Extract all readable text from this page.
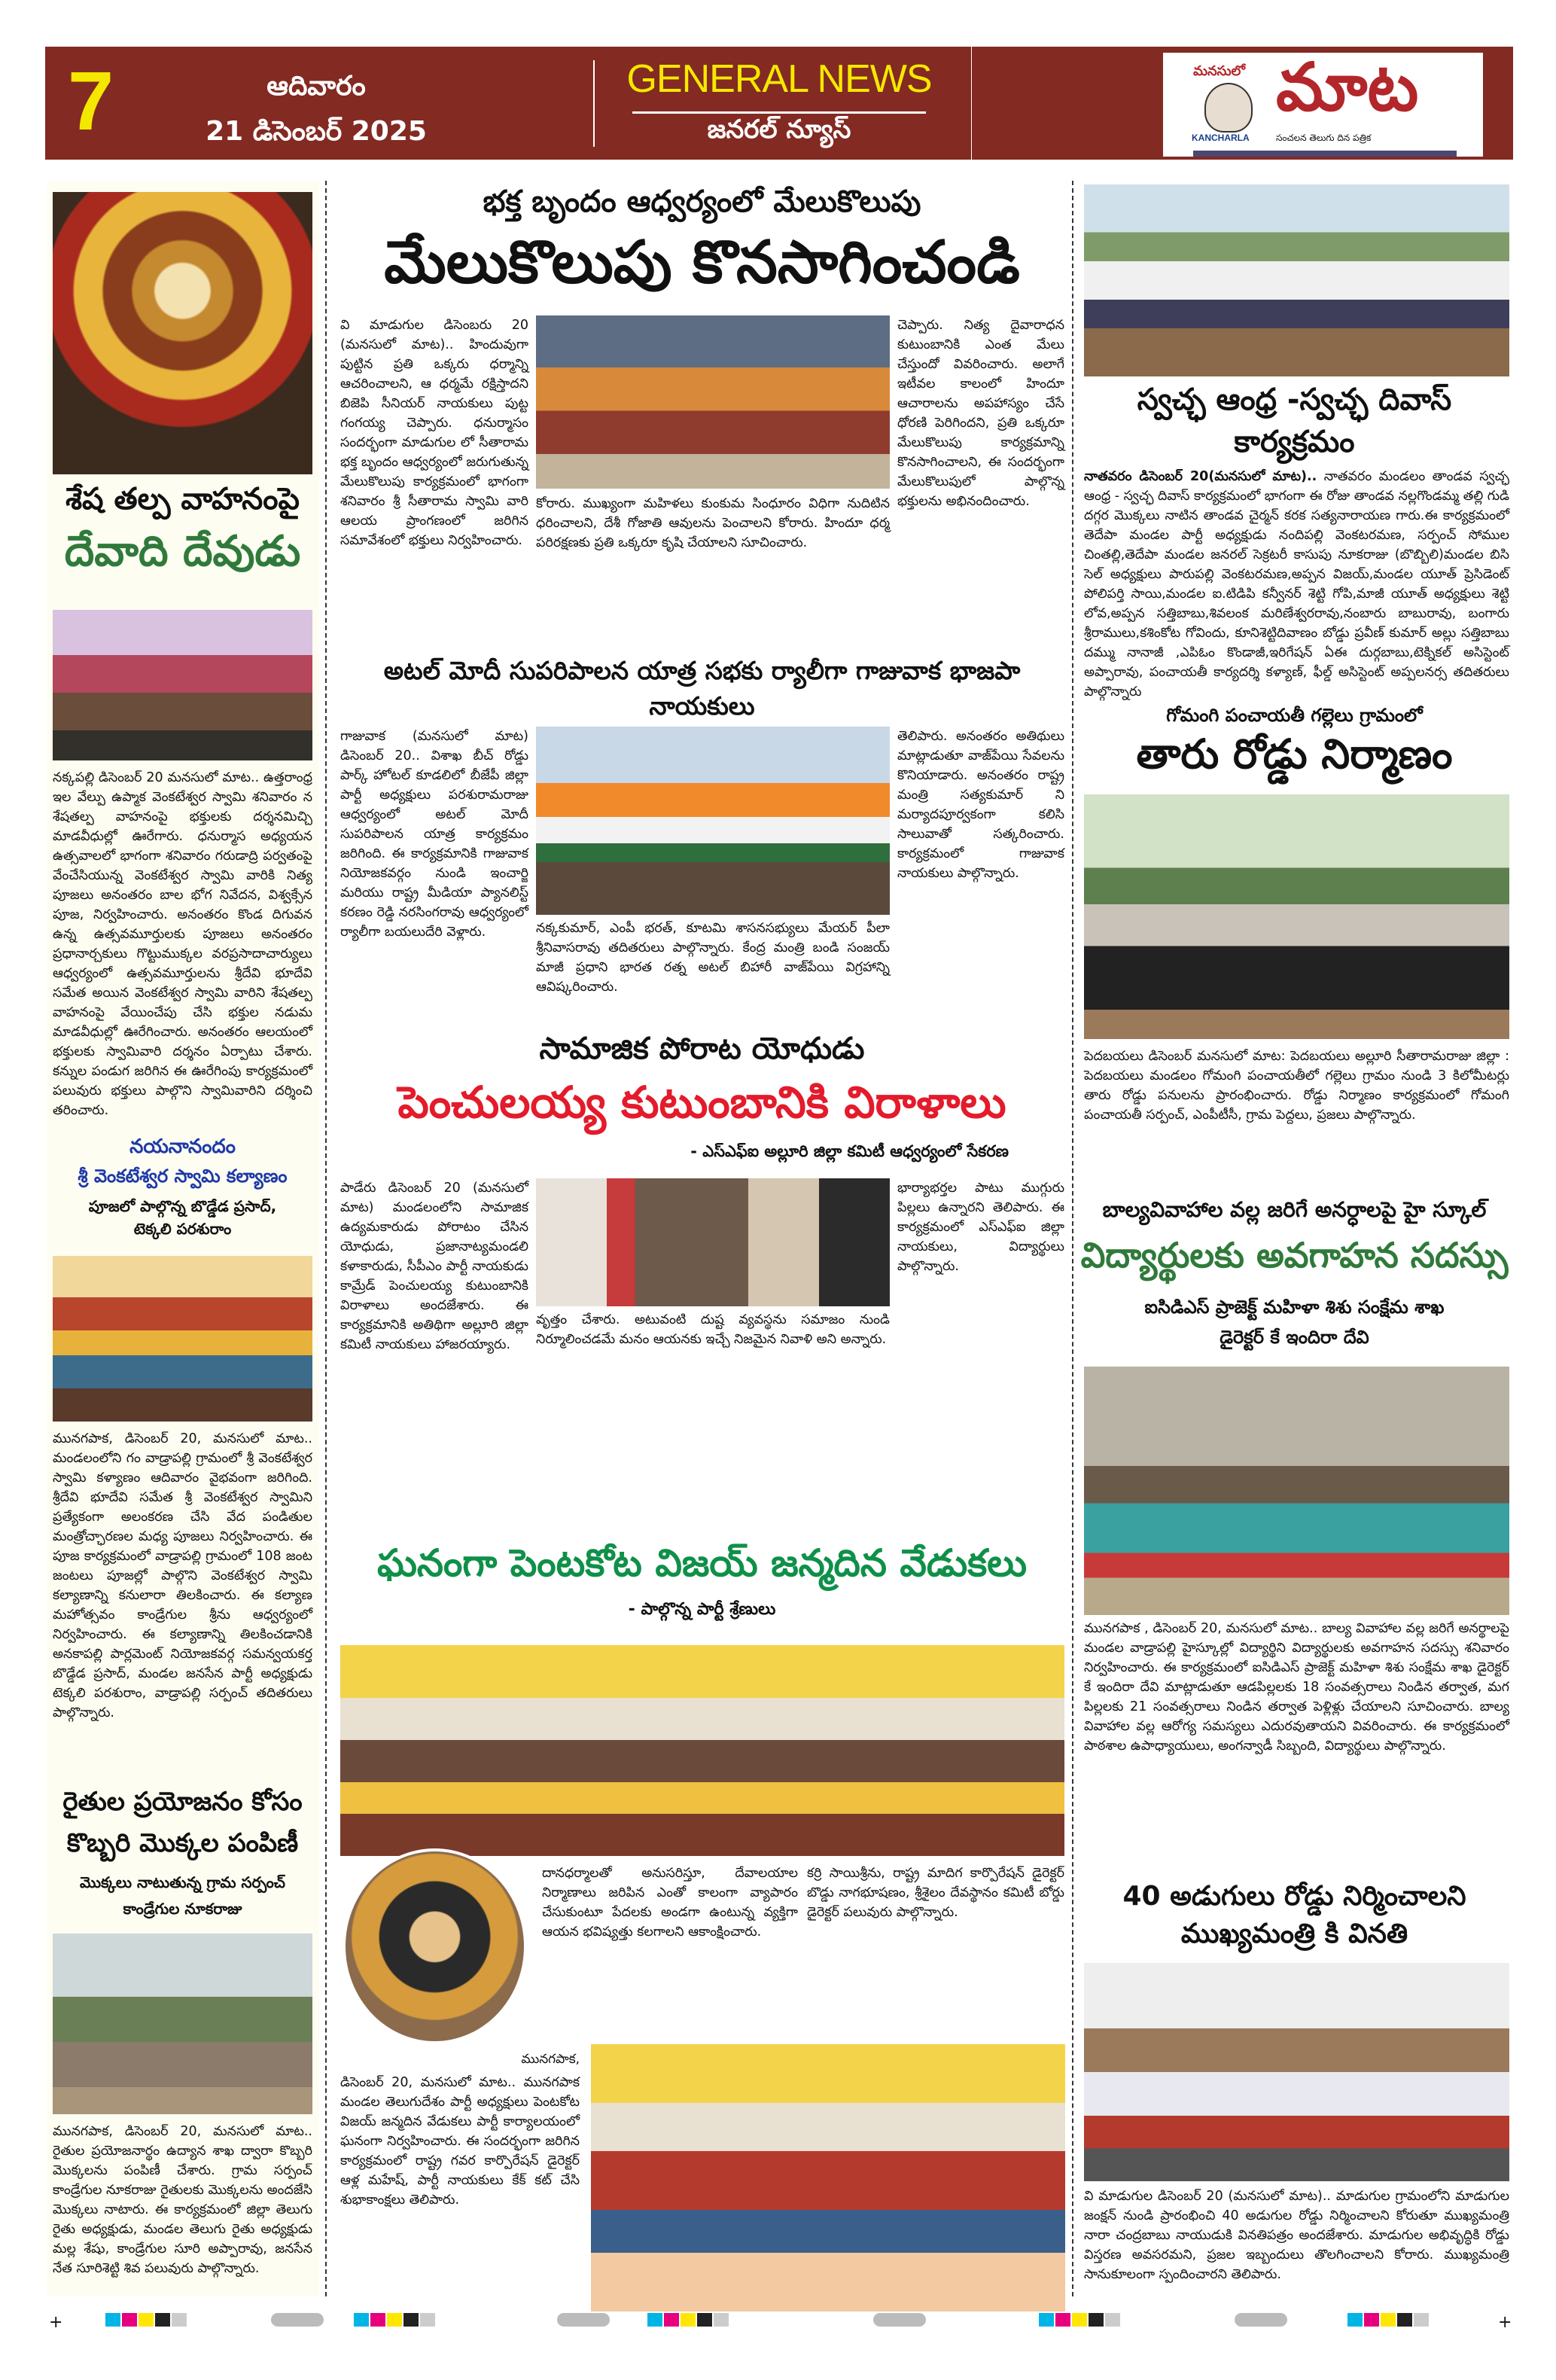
7	ఆదివారం
21 డిసెంబర్ 2025
GENERAL NEWS
జనరల్ న్యూస్
మనసులో మాట
KANCHARLA	సంచలన తెలుగు దిన పత్రిక
శేష తల్ప వాహనంపై
దేవాది దేవుడు
నక్కపల్లి డిసెంబర్ 20 మనసులో మాట.. ఉత్తరాంధ్ర ఇల వేల్పు ఉప్మాక వెంకటేశ్వర స్వామి శనివారం న శేషతల్ప వాహనంపై భక్తులకు దర్శనమిచ్చి మాడవీధుల్లో ఊరేగారు. ధనుర్మాస అధ్యయన ఉత్సవాలలో భాగంగా శనివారం గరుడాద్రి పర్వతంపై వేంచేసియున్న వెంకటేశ్వర స్వామి వారికి నిత్య పూజలు అనంతరం బాల భోగ నివేదన, విశ్వక్సేన పూజ, నిర్వహించారు. అనంతరం కొండ దిగువన ఉన్న ఉత్సవమూర్తులకు పూజలు అనంతరం ప్రధానార్చకులు గొట్టుముక్కల వరప్రసాదాచార్యులు ఆధ్వర్యంలో ఉత్సవమూర్తులను శ్రీదేవి భూదేవి సమేత అయిన వెంకటేశ్వర స్వామి వారిని శేషతల్ప వాహనంపై వేయించేపు చేసి భక్తుల నడుమ మాడవీధుల్లో ఊరేగించారు. అనంతరం ఆలయంలో భక్తులకు స్వామివారి దర్శనం ఏర్పాటు చేశారు. కన్నుల పండుగ జరిగిన ఈ ఊరేగింపు కార్యక్రమంలో పలువురు భక్తులు పాల్గొని స్వామివారిని దర్శించి తరించారు.
నయనానందం
శ్రీ వెంకటేశ్వర స్వామి కల్యాణం
పూజలో పాల్గొన్న బొడ్డేడ ప్రసాద్,
టెక్కలి పరశురాం
మునగపాక, డిసెంబర్ 20, మనసులో మాట.. మండలంలోని గం వాడ్రాపల్లి గ్రామంలో శ్రీ వెంకటేశ్వర స్వామి కళ్యాణం ఆదివారం వైభవంగా జరిగింది. శ్రీదేవి భూదేవి సమేత శ్రీ వెంకటేశ్వర స్వామిని ప్రత్యేకంగా అలంకరణ చేసి వేద పండితుల మంత్రోచ్ఛారణల మధ్య పూజలు నిర్వహించారు. ఈ పూజ కార్యక్రమంలో వాడ్రాపల్లి గ్రామంలో 108 జంట జంటలు పూజల్లో పాల్గొని వెంకటేశ్వర స్వామి కల్యాణాన్ని కనులారా తిలకించారు. ఈ కల్యాణ మహోత్సవం కాండ్రేగుల శ్రీను ఆధ్వర్యంలో నిర్వహించారు. ఈ కల్యాణాన్ని తిలకించడానికి అనకాపల్లి పార్లమెంట్ నియోజకవర్గ సమన్వయకర్త బొడ్డేడ ప్రసాద్, మండల జనసేన పార్టీ అధ్యక్షుడు టెక్కలి పరశురాం, వాడ్రాపల్లి సర్పంచ్ తదితరులు పాల్గొన్నారు.
రైతుల ప్రయోజనం కోసం
కొబ్బరి మొక్కల పంపిణీ
మొక్కలు నాటుతున్న గ్రామ సర్పంచ్
కాండ్రేగుల నూకరాజు
మునగపాక, డిసెంబర్ 20, మనసులో మాట.. రైతుల ప్రయోజనార్థం ఉద్యాన శాఖ ద్వారా కొబ్బరి మొక్కలను పంపిణీ చేశారు. గ్రామ సర్పంచ్ కాండ్రేగుల నూకరాజు రైతులకు మొక్కలను అందజేసి మొక్కలు నాటారు. ఈ కార్యక్రమంలో జిల్లా తెలుగు రైతు అధ్యక్షుడు, మండల తెలుగు రైతు అధ్యక్షుడు మల్ల శేషు, కాండ్రేగుల సూరి అప్పారావు, జనసేన నేత సూరిశెట్టి శివ పలువురు పాల్గొన్నారు.
భక్త బృందం ఆధ్వర్యంలో మేలుకొలుపు
మేలుకొలుపు కొనసాగించండి
వి మాడుగుల డిసెంబరు 20 (మనసులో మాట).. హిందువుగా పుట్టిన ప్రతి ఒక్కరు ధర్మాన్ని ఆచరించాలని, ఆ ధర్మమే రక్షిస్తాదని బిజెపి సీనియర్ నాయకులు పుట్ట గంగయ్య చెప్పారు. ధనుర్మాసం సందర్భంగా మాడుగుల లో సీతారామ భక్త బృందం ఆధ్వర్యంలో జరుగుతున్న మేలుకొలుపు కార్యక్రమంలో భాగంగా శనివారం శ్రీ సీతారామ స్వామి వారి ఆలయ ప్రాంగణంలో జరిగిన సమావేశంలో భక్తులు నిర్వహించారు.
కోరారు. ముఖ్యంగా మహిళలు కుంకుమ సింధూరం విధిగా నుదిటిన ధరించాలని, దేశీ గోజాతి ఆవులను పెంచాలని కోరారు. హిందూ ధర్మ పరిరక్షణకు ప్రతి ఒక్కరూ కృషి చేయాలని సూచించారు.
చెప్పారు. నిత్య దైవారాధన కుటుంబానికి ఎంత మేలు చేస్తుందో వివరించారు. అలాగే ఇటీవల కాలంలో హిందూ ఆచారాలను అపహాస్యం చేసే ధోరణి పెరిగిందని, ప్రతి ఒక్కరూ మేలుకొలుపు కార్యక్రమాన్ని కొనసాగించాలని, ఈ సందర్భంగా మేలుకొలుపులో పాల్గొన్న భక్తులను అభినందించారు.
అటల్ మోదీ సుపరిపాలన యాత్ర సభకు ర్యాలీగా గాజువాక భాజపా నాయకులు
గాజువాక (మనసులో మాట) డిసెంబర్ 20.. విశాఖ బీచ్ రోడ్డు పార్క్ హోటల్ కూడలిలో బీజేపీ జిల్లా పార్టీ అధ్యక్షులు పరశురామరాజు ఆధ్వర్యంలో అటల్ మోదీ సుపరిపాలన యాత్ర కార్యక్రమం జరిగింది. ఈ కార్యక్రమానికి గాజువాక నియోజకవర్గం నుండి ఇంచార్జి మరియు రాష్ట్ర మీడియా ప్యానలిస్ట్ కరణం రెడ్డి నరసింగరావు ఆధ్వర్యంలో ర్యాలీగా బయలుదేరి వెళ్లారు.	నక్కకుమార్, ఎంపీ భరత్, కూటమి శాసనసభ్యులు మేయర్ పీలా శ్రీనివాసరావు తదితరులు పాల్గొన్నారు. కేంద్ర మంత్రి బండి సంజయ్ మాజీ ప్రధాని భారత రత్న అటల్ బిహారీ వాజ్‌పేయి విగ్రహాన్ని ఆవిష్కరించారు.
తెలిపారు. అనంతరం అతిథులు మాట్లాడుతూ వాజ్‌పేయి సేవలను కొనియాడారు. అనంతరం రాష్ట్ర మంత్రి సత్యకుమార్ ని మర్యాదపూర్వకంగా కలిసి సాలువాతో సత్కరించారు. కార్యక్రమంలో గాజువాక నాయకులు పాల్గొన్నారు.
సామాజిక పోరాట యోధుడు
పెంచులయ్య కుటుంబానికి విరాళాలు
- ఎస్ఎఫ్ఐ అల్లూరి జిల్లా కమిటీ ఆధ్వర్యంలో సేకరణ
పాడేరు డిసెంబర్ 20 (మనసులో మాట) మండలంలోని సామాజిక ఉద్యమకారుడు పోరాటం చేసిన యోధుడు, ప్రజానాట్యమండలి కళాకారుడు, సీపీఎం పార్టీ నాయకుడు కామ్రేడ్ పెంచులయ్య కుటుంబానికి విరాళాలు అందజేశారు. ఈ కార్యక్రమానికి అతిథిగా అల్లూరి జిల్లా కమిటీ నాయకులు హాజరయ్యారు.
వృత్తం చేశారు. అటువంటి దుష్ట వ్యవస్థను సమాజం నుండి నిర్మూలించడమే మనం ఆయనకు ఇచ్చే నిజమైన నివాళి అని అన్నారు.
భార్యాభర్తల పాటు ముగ్గురు పిల్లలు ఉన్నారని తెలిపారు. ఈ కార్యక్రమంలో ఎస్ఎఫ్ఐ జిల్లా నాయకులు, విద్యార్థులు పాల్గొన్నారు.
ఘనంగా పెంటకోట విజయ్ జన్మదిన వేడుకలు
- పాల్గొన్న పార్టీ శ్రేణులు
దానధర్మాలతో అనుసరిస్తూ, దేవాలయాల నిర్మాణాలు జరిపిన ఎంతో కాలంగా వ్యాపారం చేసుకుంటూ పేదలకు అండగా ఉంటున్న వ్యక్తిగా ఆయన భవిష్యత్తు కలగాలని ఆకాంక్షించారు.
కర్రి సాయిశ్రీను, రాష్ట్ర మాదిగ కార్పొరేషన్ డైరెక్టర్ బొడ్డు నాగభూషణం, శ్రీశైలం దేవస్థానం కమిటీ బోర్డు డైరెక్టర్ పలువురు పాల్గొన్నారు.
మునగపాక,
డిసెంబర్ 20, మనసులో మాట.. మునగపాక మండల తెలుగుదేశం పార్టీ అధ్యక్షులు పెంటకోట విజయ్ జన్మదిన వేడుకలు పార్టీ కార్యాలయంలో ఘనంగా నిర్వహించారు. ఈ సందర్భంగా జరిగిన కార్యక్రమంలో రాష్ట్ర గవర కార్పొరేషన్ డైరెక్టర్ ఆళ్ల మహేష్, పార్టీ నాయకులు కేక్ కట్ చేసి శుభాకాంక్షలు తెలిపారు.
స్వచ్ఛ ఆంధ్ర -స్వచ్ఛ దివాస్ కార్యక్రమం
నాతవరం డిసెంబర్ 20(మనసులో మాట).. నాతవరం మండలం తాండవ స్వచ్ఛ ఆంధ్ర - స్వచ్ఛ దివాస్ కార్యక్రమంలో భాగంగా ఈ రోజు తాండవ నల్లగొండమ్మ తల్లి గుడి దగ్గర మొక్కలు నాటిన తాండవ చైర్మన్ కరక సత్యనారాయణ గారు.ఈ కార్యక్రమంలో తెదేపా మండల పార్టీ అధ్యక్షుడు నందిపల్లి వెంకటరమణ, సర్పంచ్ సోముల చింతల్లి,తెదేపా మండల జనరల్ సెక్రటరీ కాసుపు నూకరాజు (బొబ్బిలి)మండల బిసి సెల్ అధ్యక్షులు పారుపల్లి వెంకటరమణ,అప్పన విజయ్,మండల యూత్ ప్రెసిడెంట్ పోలిపర్తి సాయి,మండల ఐ.టిడిపి కన్వీనర్ శెట్టి గోపి,మాజీ యూత్ అధ్యక్షులు శెట్టి లోవ,అప్పన సత్తిబాబు,శివలంక మరిణేశ్వరరావు,నంబారు బాబురావు, బంగారు శ్రీరాములు,కశింకోట గోవిందు, కూనిశెట్టిదివాణం బోడ్డు ప్రవీణ్ కుమార్ అల్లు సత్తిబాబు దమ్ము నానాజీ ,ఎపిఓం కొండాజీ,ఇరిగేషన్ ఏఈ దుర్గబాబు,టెక్నికల్ అసిస్టెంట్ అప్పారావు, పంచాయతీ కార్యదర్శి కళ్యాణ్, ఫీల్డ్ అసిస్టెంట్ అప్పలనర్స తదితరులు పాల్గొన్నారు
గోమంగి పంచాయతీ గల్లెలు గ్రామంలో
తారు రోడ్డు నిర్మాణం
పెదబయలు డిసెంబర్ మనసులో మాట: పెదబయలు అల్లూరి సీతారామరాజు జిల్లా : పెదబయలు మండలం గోమంగి పంచాయతీలో గల్లెలు గ్రామం నుండి 3 కిలోమీటర్లు తారు రోడ్డు పనులను ప్రారంభించారు. రోడ్డు నిర్మాణం కార్యక్రమంలో గోమంగి పంచాయతీ సర్పంచ్, ఎంపీటీసీ, గ్రామ పెద్దలు, ప్రజలు పాల్గొన్నారు.
బాల్యవివాహాల వల్ల జరిగే అనర్ధాలపై హై స్కూల్
విద్యార్థులకు అవగాహన సదస్సు
ఐసిడిఎస్ ప్రాజెక్ట్ మహిళా శిశు సంక్షేమ శాఖ
డైరెక్టర్ కే ఇందిరా దేవి
మునగపాక , డిసెంబర్ 20, మనసులో మాట.. బాల్య వివాహాల వల్ల జరిగే అనర్థాలపై మండల వాడ్రాపల్లి హైస్కూల్లో విద్యార్థిని విద్యార్థులకు అవగాహన సదస్సు శనివారం నిర్వహించారు. ఈ కార్యక్రమంలో ఐసిడిఎస్ ప్రాజెక్ట్ మహిళా శిశు సంక్షేమ శాఖ డైరెక్టర్ కే ఇందిరా దేవి మాట్లాడుతూ ఆడపిల్లలకు 18 సంవత్సరాలు నిండిన తర్వాత, మగ పిల్లలకు 21 సంవత్సరాలు నిండిన తర్వాత పెళ్లిళ్లు చేయాలని సూచించారు. బాల్య వివాహాల వల్ల ఆరోగ్య సమస్యలు ఎదురవుతాయని వివరించారు. ఈ కార్యక్రమంలో పాఠశాల ఉపాధ్యాయులు, అంగన్వాడీ సిబ్బంది, విద్యార్థులు పాల్గొన్నారు.
40 అడుగులు రోడ్డు నిర్మించాలని
ముఖ్యమంత్రి కి వినతి
వి మాడుగుల డిసెంబర్ 20 (మనసులో మాట).. మాడుగుల గ్రామంలోని మాడుగుల జంక్షన్ నుండి ప్రారంభించి 40 అడుగుల రోడ్డు నిర్మించాలని కోరుతూ ముఖ్యమంత్రి నారా చంద్రబాబు నాయుడుకి వినతిపత్రం అందజేశారు. మాడుగుల అభివృద్ధికి రోడ్డు విస్తరణ అవసరమని, ప్రజల ఇబ్బందులు తొలగించాలని కోరారు. ముఖ్యమంత్రి సానుకూలంగా స్పందించారని తెలిపారు.
+	+
